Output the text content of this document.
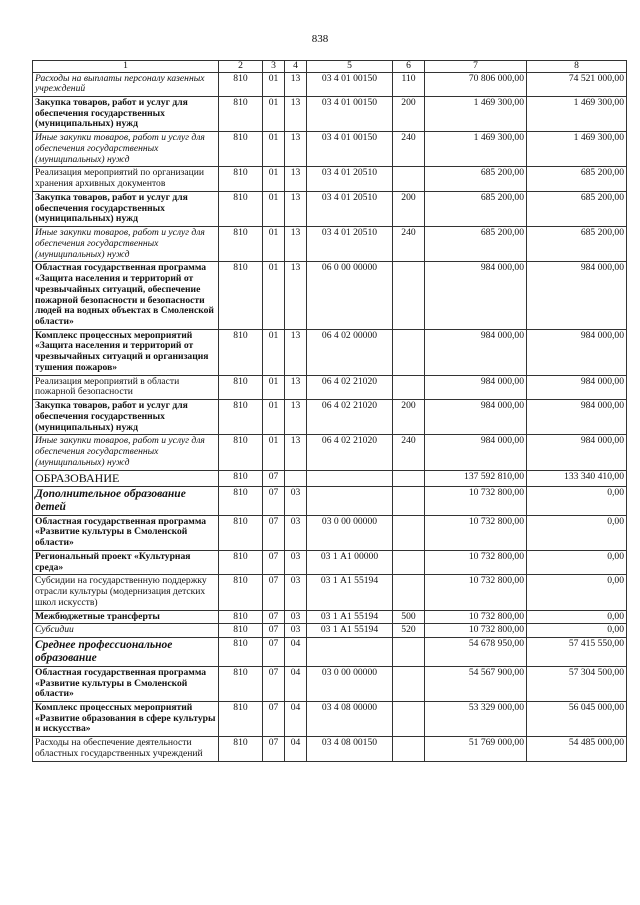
838
1	2	3	4	5	6	7	8
Расходы на выплаты персоналу казенных учреждений	810	01	13	03 4 01 00150	110	70 806 000,00	74 521 000,00
Закупка товаров, работ и услуг для обеспечения государственных (муниципальных) нужд	810	01	13	03 4 01 00150	200	1 469 300,00	1 469 300,00
Иные закупки товаров, работ и услуг для обеспечения государственных (муниципальных) нужд	810	01	13	03 4 01 00150	240	1 469 300,00	1 469 300,00
Реализация мероприятий по организации хранения архивных документов	810	01	13	03 4 01 20510		685 200,00	685 200,00
Закупка товаров, работ и услуг для обеспечения государственных (муниципальных) нужд	810	01	13	03 4 01 20510	200	685 200,00	685 200,00
Иные закупки товаров, работ и услуг для обеспечения государственных (муниципальных) нужд	810	01	13	03 4 01 20510	240	685 200,00	685 200,00
Областная государственная программа «Защита населения и территорий от чрезвычайных ситуаций, обеспечение пожарной безопасности и безопасности людей на водных объектах в Смоленской области»	810	01	13	06 0 00 00000		984 000,00	984 000,00
Комплекс процессных мероприятий «Защита населения и территорий от чрезвычайных ситуаций и организация тушения пожаров»	810	01	13	06 4 02 00000		984 000,00	984 000,00
Реализация мероприятий в области пожарной безопасности	810	01	13	06 4 02 21020		984 000,00	984 000,00
Закупка товаров, работ и услуг для обеспечения государственных (муниципальных) нужд	810	01	13	06 4 02 21020	200	984 000,00	984 000,00
Иные закупки товаров, работ и услуг для обеспечения государственных (муниципальных) нужд	810	01	13	06 4 02 21020	240	984 000,00	984 000,00
ОБРАЗОВАНИЕ	810	07				137 592 810,00	133 340 410,00
Дополнительное образование детей	810	07	03			10 732 800,00	0,00
Областная государственная программа «Развитие культуры в Смоленской области»	810	07	03	03 0 00 00000		10 732 800,00	0,00
Региональный проект «Культурная среда»	810	07	03	03 1 А1 00000		10 732 800,00	0,00
Субсидии на государственную поддержку отрасли культуры (модернизация детских школ искусств)	810	07	03	03 1 А1 55194		10 732 800,00	0,00
Межбюджетные трансферты	810	07	03	03 1 А1 55194	500	10 732 800,00	0,00
Субсидии	810	07	03	03 1 А1 55194	520	10 732 800,00	0,00
Среднее профессиональное образование	810	07	04			54 678 950,00	57 415 550,00
Областная государственная программа «Развитие культуры в Смоленской области»	810	07	04	03 0 00 00000		54 567 900,00	57 304 500,00
Комплекс процессных мероприятий «Развитие образования в сфере культуры и искусства»	810	07	04	03 4 08 00000		53 329 000,00	56 045 000,00
Расходы на обеспечение деятельности областных государственных учреждений	810	07	04	03 4 08 00150		51 769 000,00	54 485 000,00
